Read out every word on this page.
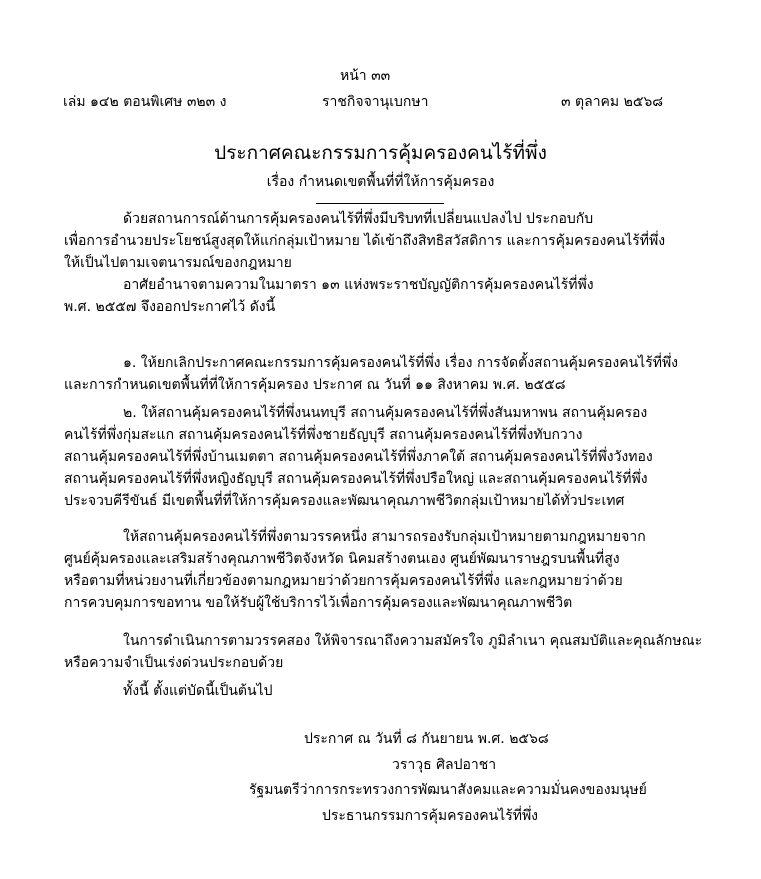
หน้า ๓๓
เล่ม ๑๔๒ ตอนพิเศษ ๓๒๓ ง	ราชกิจจานุเบกษา	๓ ตุลาคม ๒๕๖๘
ประกาศคณะกรรมการคุ้มครองคนไร้ที่พึ่ง
เรื่อง กำหนดเขตพื้นที่ที่ให้การคุ้มครอง
ด้วยสถานการณ์ด้านการคุ้มครองคนไร้ที่พึ่งมีบริบทที่เปลี่ยนแปลงไป ประกอบกับ
เพื่อการอำนวยประโยชน์สูงสุดให้แก่กลุ่มเป้าหมาย ได้เข้าถึงสิทธิสวัสดิการ และการคุ้มครองคนไร้ที่พึ่ง
ให้เป็นไปตามเจตนารมณ์ของกฎหมาย
อาศัยอำนาจตามความในมาตรา ๑๓ แห่งพระราชบัญญัติการคุ้มครองคนไร้ที่พึ่ง
พ.ศ. ๒๕๕๗ จึงออกประกาศไว้ ดังนี้
๑. ให้ยกเลิกประกาศคณะกรรมการคุ้มครองคนไร้ที่พึ่ง เรื่อง การจัดตั้งสถานคุ้มครองคนไร้ที่พึ่ง
และการกำหนดเขตพื้นที่ที่ให้การคุ้มครอง ประกาศ ณ วันที่ ๑๑ สิงหาคม พ.ศ. ๒๕๕๘
๒. ให้สถานคุ้มครองคนไร้ที่พึ่งนนทบุรี สถานคุ้มครองคนไร้ที่พึ่งสันมหาพน สถานคุ้มครอง
คนไร้ที่พึ่งกุ่มสะแก สถานคุ้มครองคนไร้ที่พึ่งชายธัญบุรี สถานคุ้มครองคนไร้ที่พึ่งทับกวาง
สถานคุ้มครองคนไร้ที่พึ่งบ้านเมตตา สถานคุ้มครองคนไร้ที่พึ่งภาคใต้ สถานคุ้มครองคนไร้ที่พึ่งวังทอง
สถานคุ้มครองคนไร้ที่พึ่งหญิงธัญบุรี สถานคุ้มครองคนไร้ที่พึ่งปรือใหญ่ และสถานคุ้มครองคนไร้ที่พึ่ง
ประจวบคีรีขันธ์ มีเขตพื้นที่ที่ให้การคุ้มครองและพัฒนาคุณภาพชีวิตกลุ่มเป้าหมายได้ทั่วประเทศ
ให้สถานคุ้มครองคนไร้ที่พึ่งตามวรรคหนึ่ง สามารถรองรับกลุ่มเป้าหมายตามกฎหมายจาก
ศูนย์คุ้มครองและเสริมสร้างคุณภาพชีวิตจังหวัด นิคมสร้างตนเอง ศูนย์พัฒนาราษฎรบนพื้นที่สูง
หรือตามที่หน่วยงานที่เกี่ยวข้องตามกฎหมายว่าด้วยการคุ้มครองคนไร้ที่พึ่ง และกฎหมายว่าด้วย
การควบคุมการขอทาน ขอให้รับผู้ใช้บริการไว้เพื่อการคุ้มครองและพัฒนาคุณภาพชีวิต
ในการดำเนินการตามวรรคสอง ให้พิจารณาถึงความสมัครใจ ภูมิลำเนา คุณสมบัติและคุณลักษณะ
หรือความจำเป็นเร่งด่วนประกอบด้วย
ทั้งนี้ ตั้งแต่บัดนี้เป็นต้นไป
ประกาศ ณ วันที่ ๘ กันยายน พ.ศ. ๒๕๖๘
วราวุธ ศิลปอาชา
รัฐมนตรีว่าการกระทรวงการพัฒนาสังคมและความมั่นคงของมนุษย์
ประธานกรรมการคุ้มครองคนไร้ที่พึ่ง
